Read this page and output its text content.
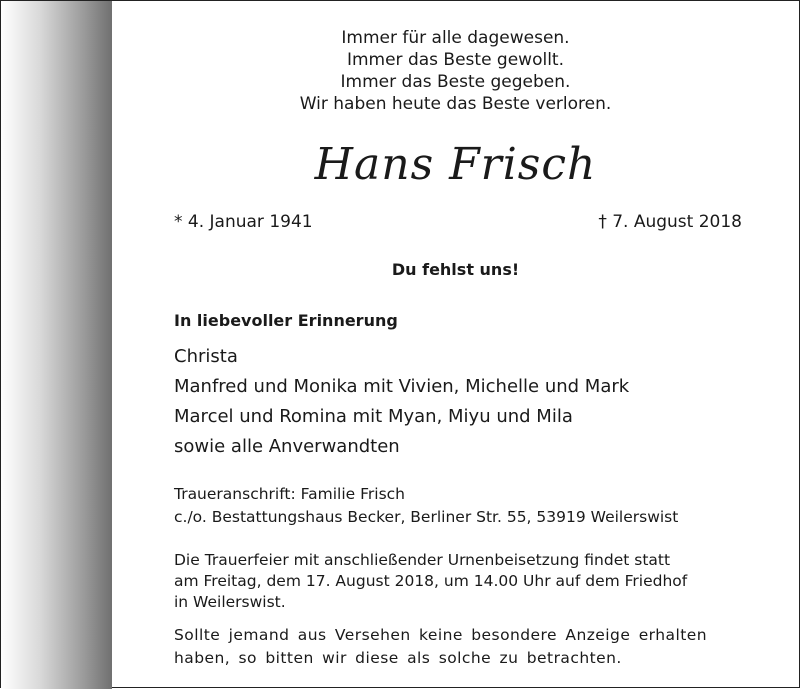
Immer für alle dagewesen.
Immer das Beste gewollt.
Immer das Beste gegeben.
Wir haben heute das Beste verloren.
Hans Frisch
* 4. Januar 1941	† 7. August 2018
Du fehlst uns!
In liebevoller Erinnerung
Christa
Manfred und Monika mit Vivien, Michelle und Mark
Marcel und Romina mit Myan, Miyu und Mila
sowie alle Anverwandten
Traueranschrift: Familie Frisch
c./o. Bestattungshaus Becker, Berliner Str. 55, 53919 Weilerswist
Die Trauerfeier mit anschließender Urnenbeisetzung findet statt
am Freitag, dem 17. August 2018, um 14.00 Uhr auf dem Friedhof
in Weilerswist.
Sollte jemand aus Versehen keine besondere Anzeige erhalten
haben, so bitten wir diese als solche zu betrachten.
